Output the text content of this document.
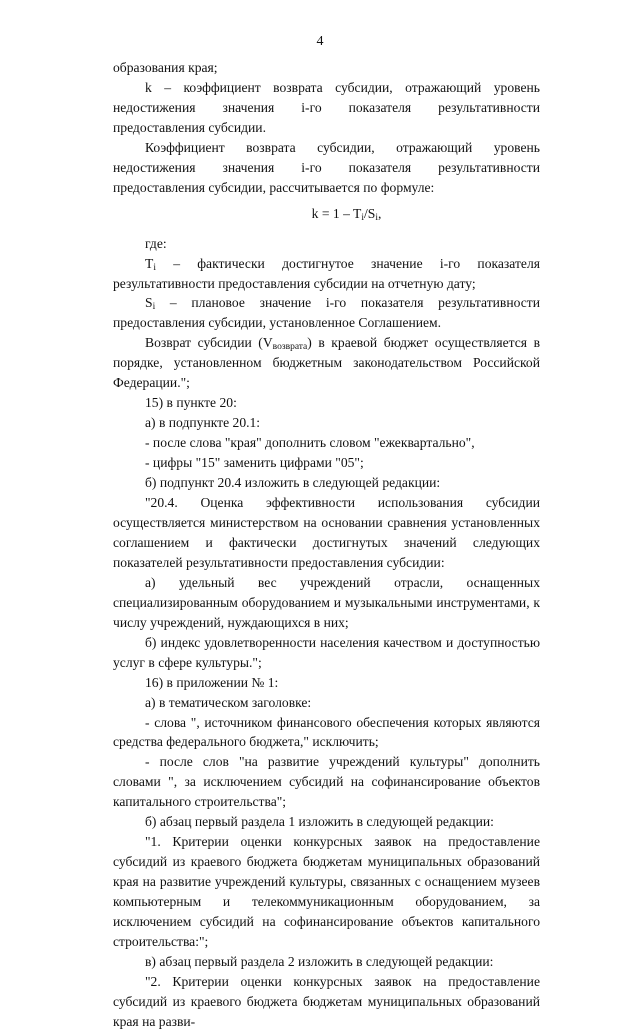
4

образования края;

k – коэффициент возврата субсидии, отражающий уровень недостижения значения i-го показателя результативности предоставления субсидии.

Коэффициент возврата субсидии, отражающий уровень недостижения значения i-го показателя результативности предоставления субсидии, рассчитывается по формуле:

$k = 1 - T_i/S_i$,

где:

$T_i$ – фактически достигнутое значение i-го показателя результативности предоставления субсидии на отчетную дату;

$S_i$ – плановое значение i-го показателя результативности предоставления субсидии, установленное Соглашением.

Возврат субсидии $(V_{возврата})$ в краевой бюджет осуществляется в порядке, установленном бюджетным законодательством Российской Федерации.";

15) в пункте 20:

а) в подпункте 20.1:

- после слова "края" дополнить словом "ежеквартально",

- цифры "15" заменить цифрами "05";

б) подпункт 20.4 изложить в следующей редакции:

"20.4. Оценка эффективности использования субсидии осуществляется министерством на основании сравнения установленных соглашением и фактически достигнутых значений следующих показателей результативности предоставления субсидии:

а) удельный вес учреждений отрасли, оснащенных специализированным оборудованием и музыкальными инструментами, к числу учреждений, нуждающихся в них;

б) индекс удовлетворенности населения качеством и доступностью услуг в сфере культуры.";

16) в приложении № 1:

а) в тематическом заголовке:

- слова ", источником финансового обеспечения которых являются средства федерального бюджета," исключить;

- после слов "на развитие учреждений культуры" дополнить словами ", за исключением субсидий на софинансирование объектов капитального строительства";

б) абзац первый раздела 1 изложить в следующей редакции:

"1. Критерии оценки конкурсных заявок на предоставление субсидий из краевого бюджета бюджетам муниципальных образований края на развитие учреждений культуры, связанных с оснащением музеев компьютерным и телекоммуникационным оборудованием, за исключением субсидий на софинансирование объектов капитального строительства:";

в) абзац первый раздела 2 изложить в следующей редакции:

"2. Критерии оценки конкурсных заявок на предоставление субсидий из краевого бюджета бюджетам муниципальных образований края на разви-
